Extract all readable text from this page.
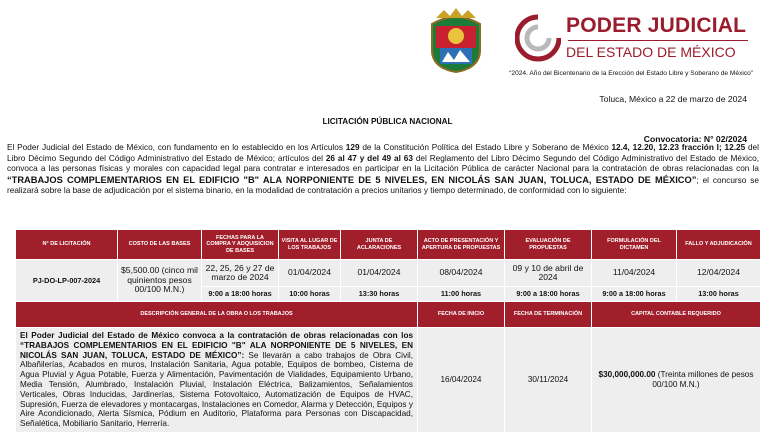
PODER JUDICIAL
DEL ESTADO DE MÉXICO
“2024. Año del Bicentenario de la Erección del Estado Libre y Soberano de México”
Toluca, México a 22 de marzo de 2024
LICITACIÓN PÚBLICA NACIONAL
Convocatoria: N° 02/2024
El Poder Judicial del Estado de México, con fundamento en lo establecido en los Artículos 129 de la Constitución Política del Estado Libre y Soberano de México 12.4, 12.20, 12.23 fracción I; 12.25 del Libro Décimo Segundo del Código Administrativo del Estado de México; artículos del 26 al 47 y del 49 al 63 del Reglamento del Libro Décimo Segundo del Código Administrativo del Estado de México, convoca a las personas físicas y morales con capacidad legal para contratar e interesados en participar en la Licitación Pública de carácter Nacional para la contratación de obras relacionadas con la “TRABAJOS COMPLEMENTARIOS EN EL EDIFICIO "B" ALA NORPONIENTE DE 5 NIVELES, EN NICOLÁS SAN JUAN, TOLUCA, ESTADO DE MÉXICO”; el concurso se realizará sobre la base de adjudicación por el sistema binario, en la modalidad de contratación a precios unitarios y tiempo determinado, de conformidad con lo siguiente:
N° DE LICITACIÓN	COSTO DE LAS BASES	FECHAS PARA LA COMPRA Y ADQUISICION DE BASES	VISITA AL LUGAR DE LOS TRABAJOS	JUNTA DE ACLARACIONES	ACTO DE PRESENTACIÓN Y APERTURA DE PROPUESTAS	EVALUACIÓN DE PROPUESTAS	FORMULACIÓN DEL DICTAMEN	FALLO Y ADJUDICACIÓN
PJ-DO-LP-007-2024	$5,500.00 (cinco mil quinientos pesos 00/100 M.N.)	22, 25, 26 y 27 de marzo de 2024	01/04/2024	01/04/2024	08/04/2024	09 y 10 de abril de 2024	11/04/2024	12/04/2024
		9:00 a 18:00 horas	10:00 horas	13:30 horas	11:00 horas	9:00 a 18:00 horas	9:00 a 18:00 horas	13:00 horas
DESCRIPCIÓN GENERAL DE LA OBRA O LOS TRABAJOS					FECHA DE INICIO	FECHA DE TERMINACIÓN	CAPITAL CONTABLE REQUERIDO	
El Poder Judicial del Estado de México convoca a la contratación de obras relacionadas con los “TRABAJOS COMPLEMENTARIOS EN EL EDIFICIO "B" ALA NORPONIENTE DE 5 NIVELES, EN NICOLÁS SAN JUAN, TOLUCA, ESTADO DE MÉXICO”: Se llevarán a cabo trabajos de Obra Civil, Albañilerías, Acabados en muros, Instalación Sanitaria, Agua potable, Equipos de bombeo, Cisterna de Agua Pluvial y Agua Potable, Fuerza y Alimentación, Pavimentación de Vialidades, Equipamiento Urbano, Media Tensión, Alumbrado, Instalación Pluvial, Instalación Eléctrica, Balizamientos, Señalamientos Verticales, Obras Inducidas, Jardinerías, Sistema Fotovoltaico, Automatización de Equipos de HVAC, Supresión, Fuerza de elevadores y montacargas, Instalaciones en Comedor, Alarma y Detección, Equipos y Aire Acondicionado, Alerta Sísmica, Pódium en Auditorio, Plataforma para Personas con Discapacidad, Señalética, Mobiliario Sanitario, Herrería.					16/04/2024	30/11/2024	$30,000,000.00 (Treinta millones de pesos 00/100 M.N.)	
